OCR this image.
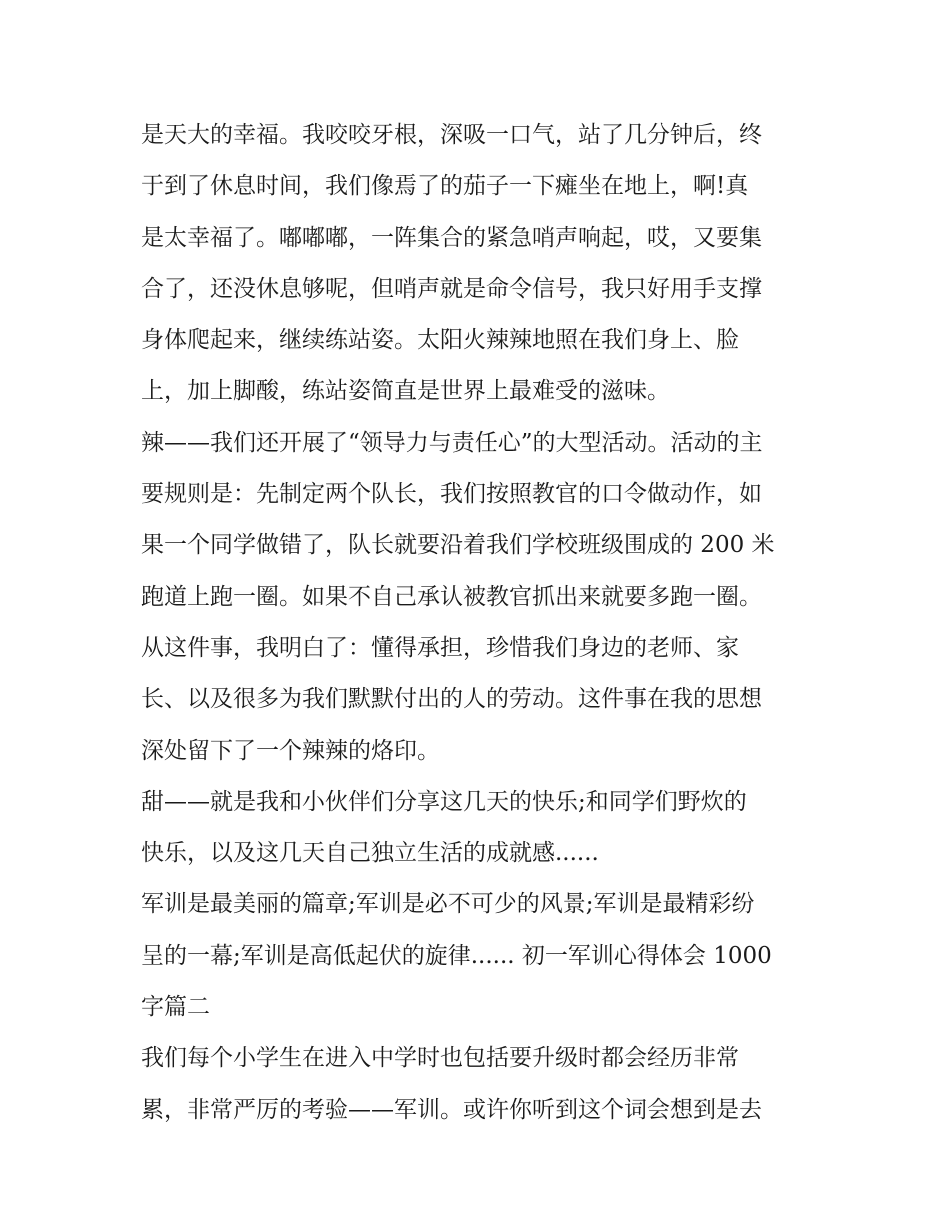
是天大的幸福。我咬咬牙根，深吸一口气，站了几分钟后，终
于到了休息时间，我们像焉了的茄子一下瘫坐在地上，啊!真
是太幸福了。嘟嘟嘟，一阵集合的紧急哨声响起，哎，又要集
合了，还没休息够呢，但哨声就是命令信号，我只好用手支撑
身体爬起来，继续练站姿。太阳火辣辣地照在我们身上、脸
上，加上脚酸，练站姿简直是世界上最难受的滋味。
辣——我们还开展了“领导力与责任心”的大型活动。活动的主
要规则是：先制定两个队长，我们按照教官的口令做动作，如
果一个同学做错了，队长就要沿着我们学校班级围成的 200 米
跑道上跑一圈。如果不自己承认被教官抓出来就要多跑一圈。
从这件事，我明白了：懂得承担，珍惜我们身边的老师、家
长、以及很多为我们默默付出的人的劳动。这件事在我的思想
深处留下了一个辣辣的烙印。
甜——就是我和小伙伴们分享这几天的快乐;和同学们野炊的
快乐，以及这几天自己独立生活的成就感......
军训是最美丽的篇章;军训是必不可少的风景;军训是最精彩纷
呈的一幕;军训是高低起伏的旋律...... 初一军训心得体会 1000
字篇二
我们每个小学生在进入中学时也包括要升级时都会经历非常
累，非常严厉的考验——军训。或许你听到这个词会想到是去
